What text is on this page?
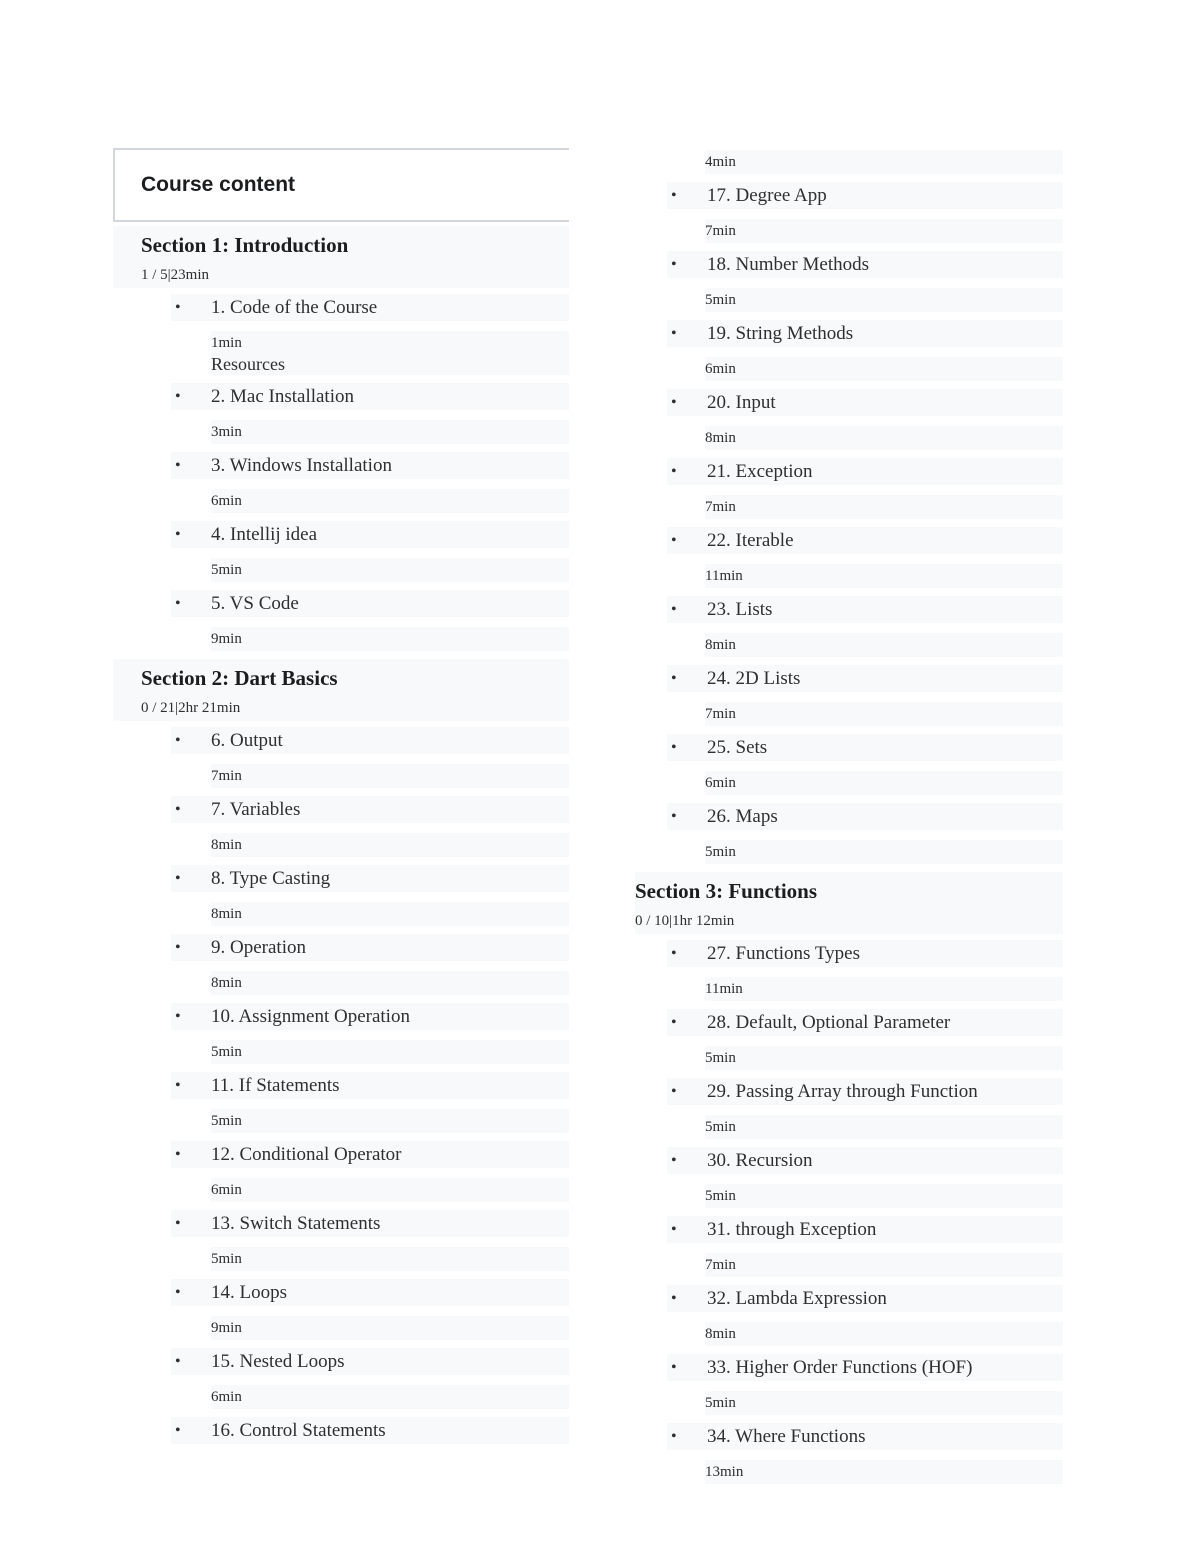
Course content
Section 1: Introduction
1 / 5|23min
•	1. Code of the Course
1min
Resources
•	2. Mac Installation
3min
•	3. Windows Installation
6min
•	4. Intellij idea
5min
•	5. VS Code
9min
Section 2: Dart Basics
0 / 21|2hr 21min
•	6. Output
7min
•	7. Variables
8min
•	8. Type Casting
8min
•	9. Operation
8min
•	10. Assignment Operation
5min
•	11. If Statements
5min
•	12. Conditional Operator
6min
•	13. Switch Statements
5min
•	14. Loops
9min
•	15. Nested Loops
6min
•	16. Control Statements
4min
•	17. Degree App
7min
•	18. Number Methods
5min
•	19. String Methods
6min
•	20. Input
8min
•	21. Exception
7min
•	22. Iterable
11min
•	23. Lists
8min
•	24. 2D Lists
7min
•	25. Sets
6min
•	26. Maps
5min
Section 3: Functions
0 / 10|1hr 12min
•	27. Functions Types
11min
•	28. Default, Optional Parameter
5min
•	29. Passing Array through Function
5min
•	30. Recursion
5min
•	31. through Exception
7min
•	32. Lambda Expression
8min
•	33. Higher Order Functions (HOF)
5min
•	34. Where Functions
13min
